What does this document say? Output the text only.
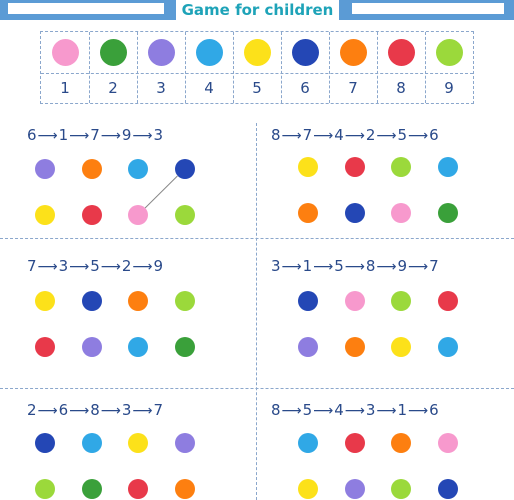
Game for children
1	2	3	4	5	6	7	8	9
6⟶1⟶7⟶9⟶3	8⟶7⟶4⟶2⟶5⟶6
7⟶3⟶5⟶2⟶9	3⟶1⟶5⟶8⟶9⟶7
2⟶6⟶8⟶3⟶7	8⟶5⟶4⟶3⟶1⟶6
